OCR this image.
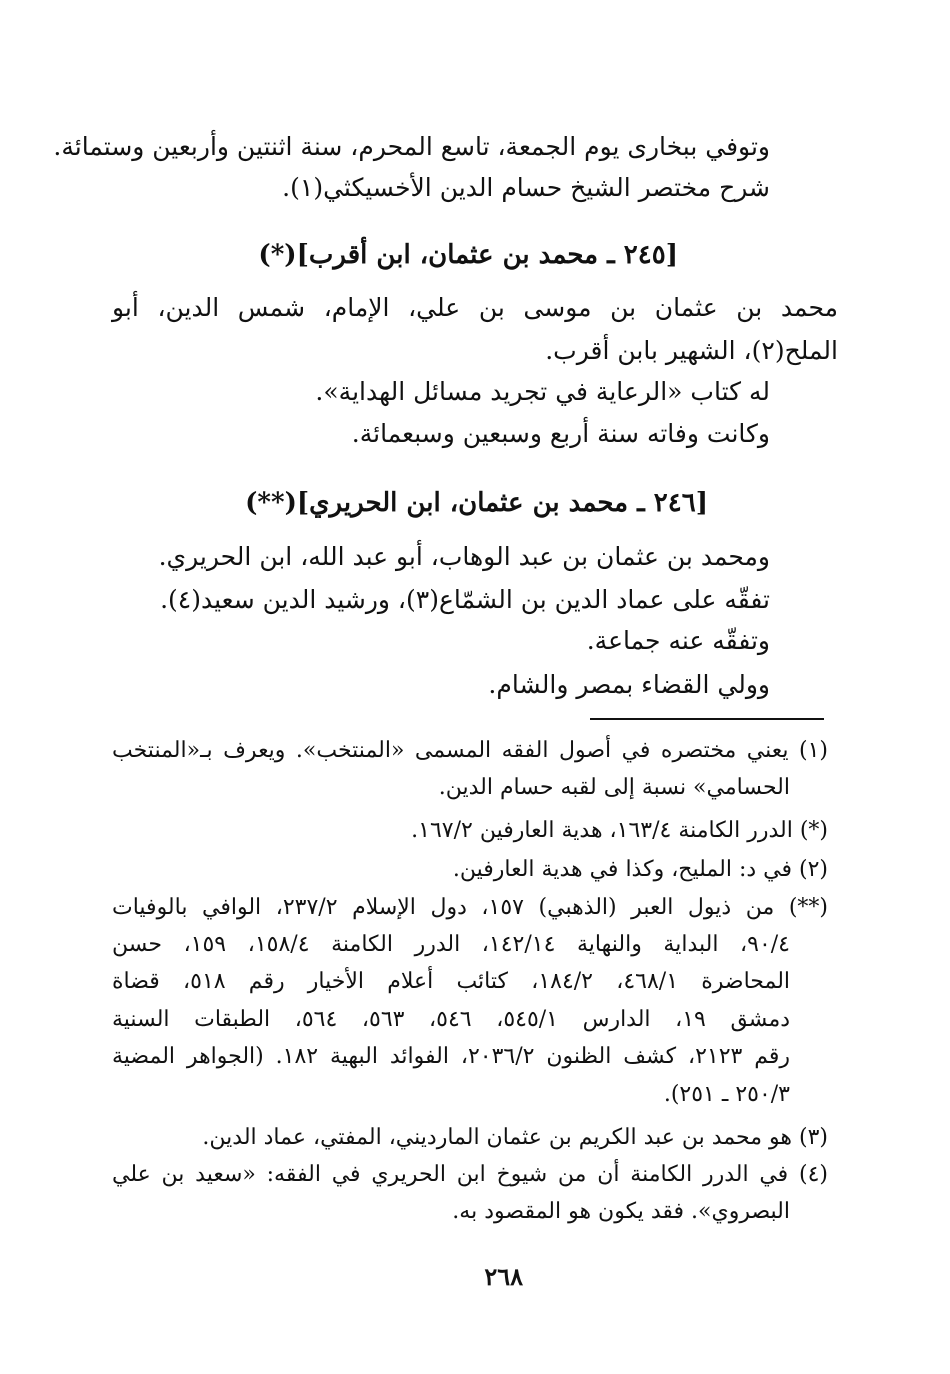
وتوفي ببخارى يوم الجمعة، تاسع المحرم، سنة اثنتين وأربعين وستمائة.
شرح مختصر الشيخ حسام الدين الأخسيكثي(١).
[٢٤٥ ـ محمد بن عثمان، ابن أقرب](*)
محمد بن عثمان بن موسى بن علي، الإمام، شمس الدين، أبو
الملح(٢)، الشهير بابن أقرب.
له كتاب «الرعاية في تجريد مسائل الهداية».
وكانت وفاته سنة أربع وسبعين وسبعمائة.
[٢٤٦ ـ محمد بن عثمان، ابن الحريري](**)
ومحمد بن عثمان بن عبد الوهاب، أبو عبد الله، ابن الحريري.
تفقّه على عماد الدين بن الشمّاع(٣)، ورشيد الدين سعيد(٤).
وتفقّه عنه جماعة.
وولي القضاء بمصر والشام.
(١) يعني مختصره في أصول الفقه المسمى «المنتخب». ويعرف بـ«المنتخب
الحسامي» نسبة إلى لقبه حسام الدين.
(*) الدرر الكامنة ١٦٣/٤، هدية العارفين ١٦٧/٢.
(٢) في د: المليح، وكذا في هدية العارفين.
(**) من ذيول العبر (الذهبي) ١٥٧، دول الإسلام ٢٣٧/٢، الوافي بالوفيات
٩٠/٤، البداية والنهاية ١٤٢/١٤، الدرر الكامنة ١٥٨/٤، ١٥٩، حسن
المحاضرة ٤٦٨/١، ١٨٤/٢، كتائب أعلام الأخيار رقم ٥١٨، قضاة
دمشق ١٩، الدارس ٥٤٥/١، ٥٤٦، ٥٦٣، ٥٦٤، الطبقات السنية
رقم ٢١٢٣، كشف الظنون ٢٠٣٦/٢، الفوائد البهية ١٨٢. (الجواهر المضية
٢٥٠/٣ ـ ٢٥١).
(٣) هو محمد بن عبد الكريم بن عثمان المارديني، المفتي، عماد الدين.
(٤) في الدرر الكامنة أن من شيوخ ابن الحريري في الفقه: «سعيد بن علي
البصروي». فقد يكون هو المقصود به.
٢٦٨
